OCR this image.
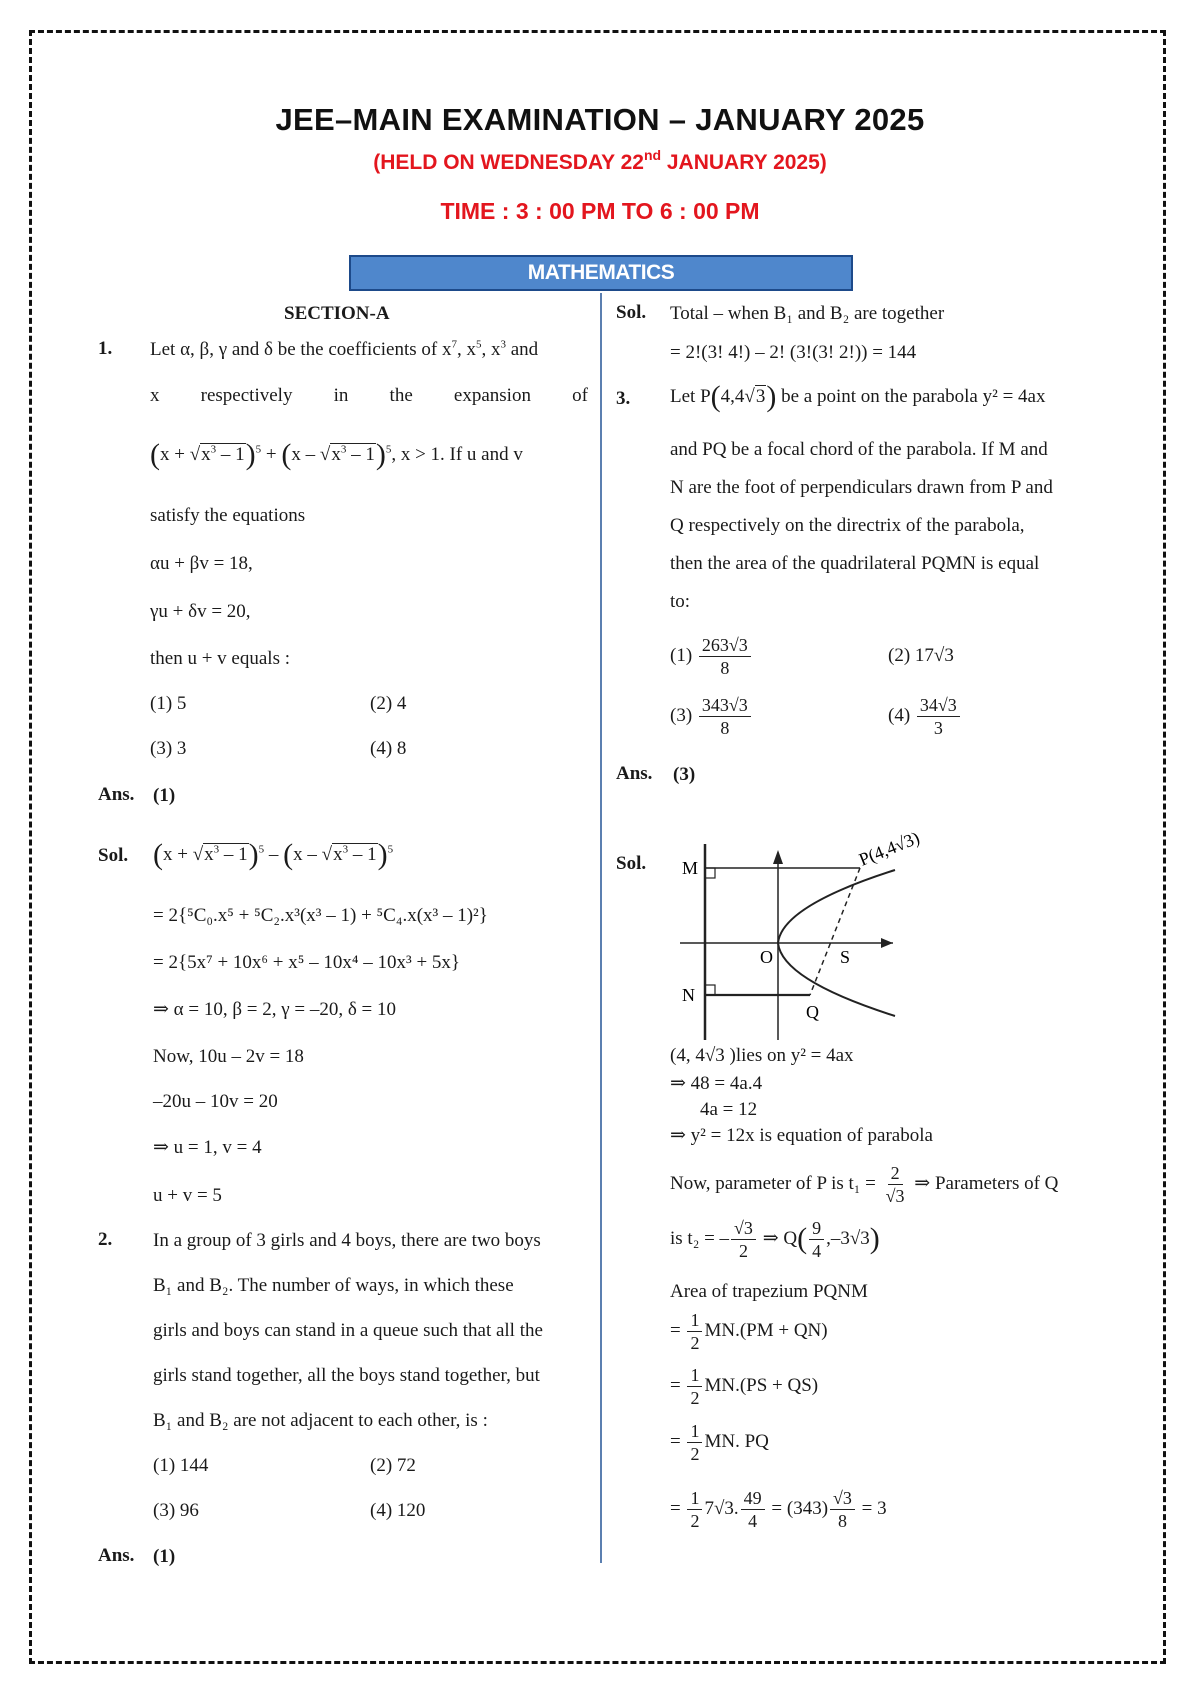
JEE–MAIN EXAMINATION – JANUARY 2025
(HELD ON WEDNESDAY 22nd JANUARY 2025)
TIME : 3 : 00 PM TO 6 : 00 PM
MATHEMATICS
SECTION-A
1. Let α, β, γ and δ be the coefficients of $x^7$, $x^5$, $x^3$ and
x respectively in the expansion of
$(x + √x^3 - 1)^5 + (x - √x^3 - 1)^5$, x > 1. If u and v
satisfy the equations
αu + βv = 18,
γu + δv = 20,
then u + v equals :
(1) 5	(2) 4
(3) 3	(4) 8
Ans. (1)
Sol. $(x + √x^3 - 1)^5 - (x - √x^3 - 1)^5$
= 2{⁵C₀.x⁵ + ⁵C₂.x³(x³ – 1) + ⁵C₄.x(x³ – 1)²}
= 2{5x⁷ + 10x⁶ + x⁵ – 10x⁴ – 10x³ + 5x}
⇒ α = 10, β = 2, γ = –20, δ = 10
Now, 10u – 2v = 18
–20u – 10v = 20
⇒ u = 1, v = 4
u + v = 5
2. In a group of 3 girls and 4 boys, there are two boys
B₁ and B₂. The number of ways, in which these
girls and boys can stand in a queue such that all the
girls stand together, all the boys stand together, but
B₁ and B₂ are not adjacent to each other, is :
(1) 144	(2) 72
(3) 96	(4) 120
Ans. (1)
Sol. Total – when B₁ and B₂ are together
= 2!(3! 4!) – 2! (3!(3! 2!)) = 144
3. Let P(4,4√3) be a point on the parabola y² = 4ax
and PQ be a focal chord of the parabola. If M and
N are the foot of perpendiculars drawn from P and
Q respectively on the directrix of the parabola,
then the area of the quadrilateral PQMN is equal
to:
$(1) \frac{263√3}{8}$	(2) 17√3
$(3) \frac{343√3}{8}$	$(4) \frac{34√3}{3}$
Ans. (3)
Sol. M
N
O	S
Q
P(4,4√3)
(4, 4√3 )lies on y² = 4ax
⇒ 48 = 4a.4
4a = 12
⇒ y² = 12x is equation of parabola
Now, parameter of P is $t_1 = \frac{2}{√3}$ ⇒ Parameters of Q
is t₂ = – $\frac{√3}{2}$ ⇒ $Q( \frac{9}{4} ,-3√3)$
Area of trapezium PQNM
= $\frac{1}{2} MN.(PM + QN)$
= $\frac{1}{2} MN.(PS + QS)$
= $\frac{1}{2}$ MN. PQ
= $\frac{1}{2} 7√3$. $\frac{49}{4} = (343) \frac{√3}{8} = 3$
